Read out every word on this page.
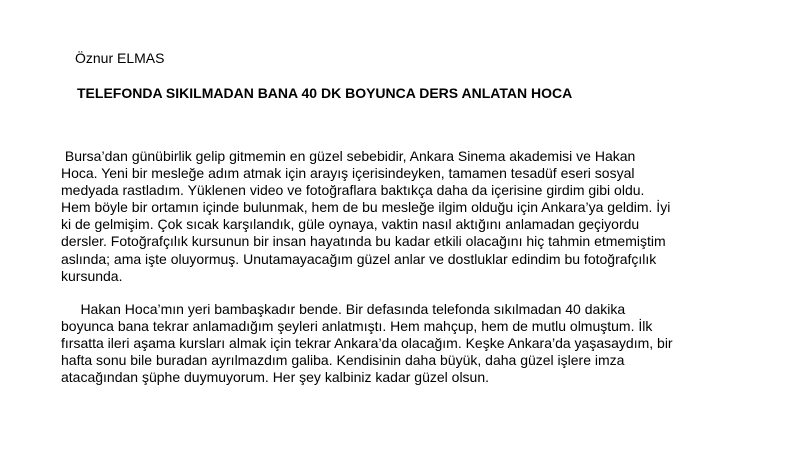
Öznur ELMAS
TELEFONDA SIKILMADAN BANA 40 DK BOYUNCA DERS ANLATAN HOCA

Bursa’dan günübirlik gelip gitmemin en güzel sebebidir, Ankara Sinema akademisi ve Hakan
Hoca. Yeni bir mesleğe adım atmak için arayış içerisindeyken, tamamen tesadüf eseri sosyal
medyada rastladım. Yüklenen video ve fotoğraflara baktıkça daha da içerisine girdim gibi oldu.
Hem böyle bir ortamın içinde bulunmak, hem de bu mesleğe ilgim olduğu için Ankara’ya geldim. İyi
ki de gelmişim. Çok sıcak karşılandık, güle oynaya, vaktin nasıl aktığını anlamadan geçiyordu
dersler. Fotoğrafçılık kursunun bir insan hayatında bu kadar etkili olacağını hiç tahmin etmemiştim
aslında; ama işte oluyormuş. Unutamayacağım güzel anlar ve dostluklar edindim bu fotoğrafçılık
kursunda.

Hakan Hoca’mın yeri bambaşkadır bende. Bir defasında telefonda sıkılmadan 40 dakika
boyunca bana tekrar anlamadığım şeyleri anlatmıştı. Hem mahçup, hem de mutlu olmuştum. İlk
fırsatta ileri aşama kursları almak için tekrar Ankara’da olacağım. Keşke Ankara’da yaşasaydım, bir
hafta sonu bile buradan ayrılmazdım galiba. Kendisinin daha büyük, daha güzel işlere imza
atacağından şüphe duymuyorum. Her şey kalbiniz kadar güzel olsun.
